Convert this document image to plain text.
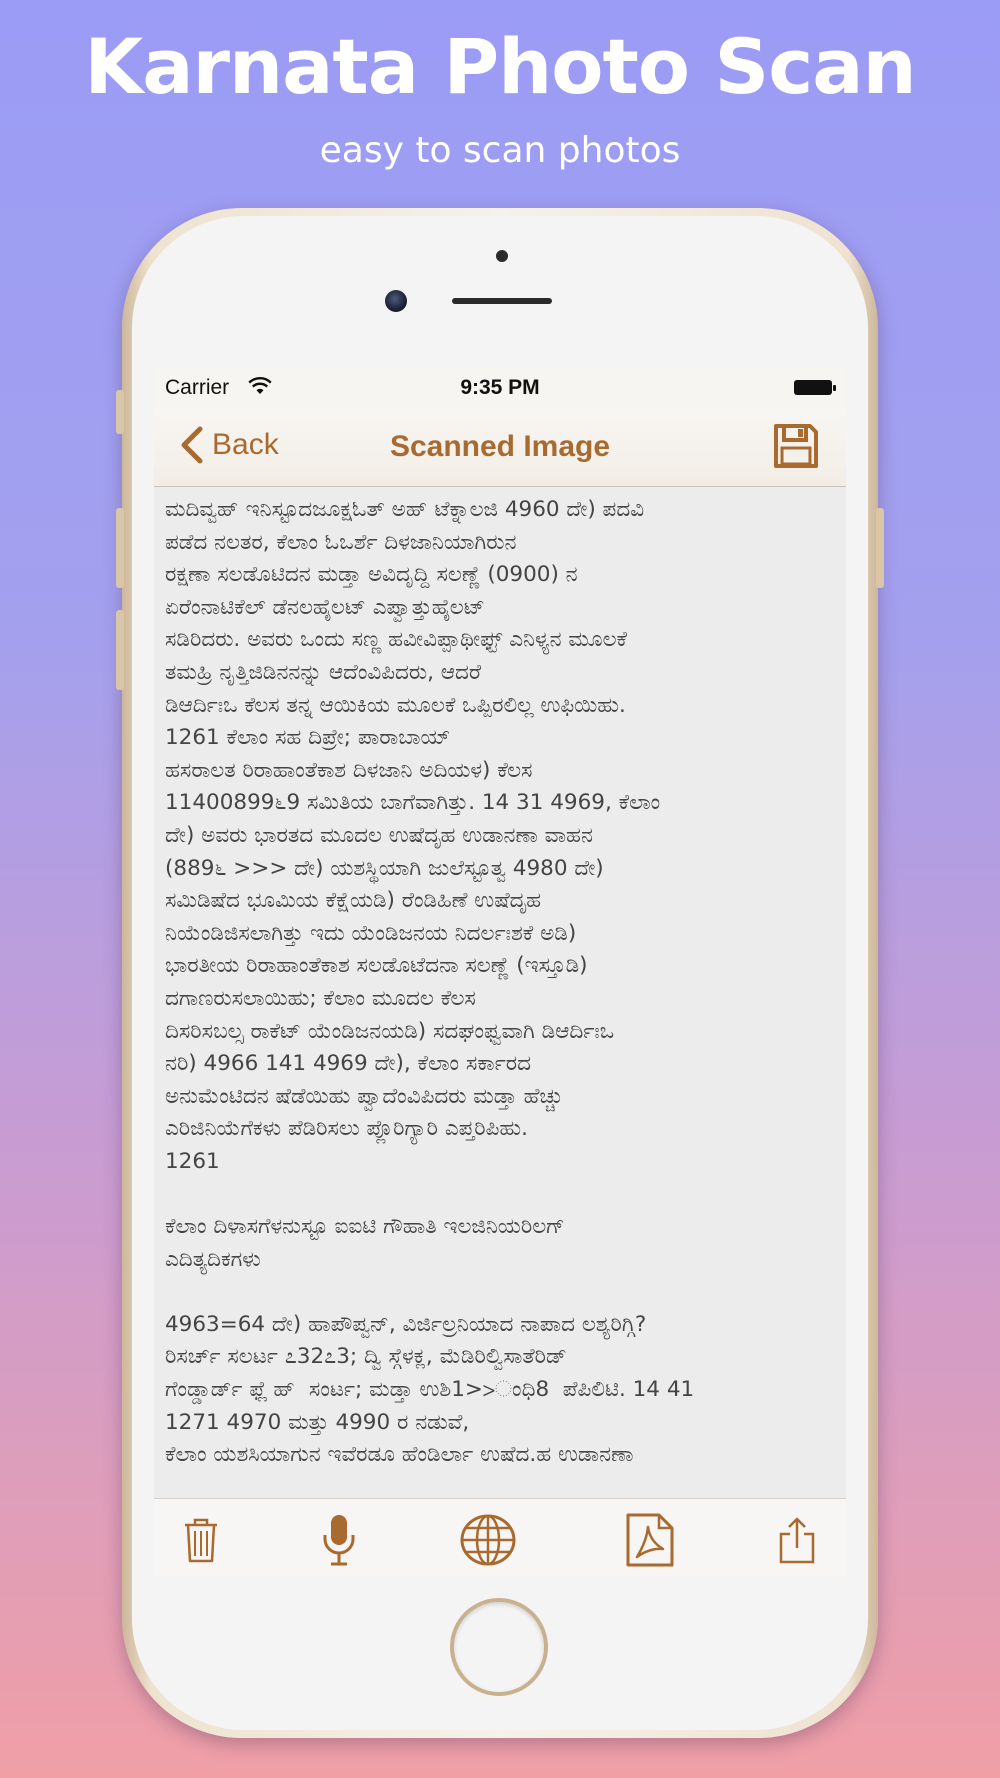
Karnata Photo Scan
easy to scan photos
Carrier	9:35 PM
Back	Scanned Image
ಮದಿವ್ವಹ್ ಇನಿಸ್ಟೂದಜೂಕ್ಷಓತ್ ಅಹ್ ಟೆಕ್ನಾಲಜಿ 4960 ದೇ) ಪದವಿ
ಪಡೆದ ನಲತರ, ಕೆಲಾಂ ಓಒರ್ಶೆ ದಿಳಜಾನಿಯಾಗಿರುನ
ರಕ್ಷಣಾ ಸಲಡೊಟಿದನ ಮಡ್ತಾ ಅವಿದೃದ್ದಿ ಸಲಣ್ಣೆ (0900) ನ
ಏರೆಂನಾಟಿಕೆಲ್ ಡೆನಲಹೈಲಟ್ ಎಪ್ವಾತ್ತುಹೈಲಟ್
ಸಡಿರಿದರು. ಅವರು ಒಂದು ಸಣ್ಣ ಹವೀವಿಪ್ಪಾಥೀಫ್ಟ್ ಎನಿಳ್ಯನ ಮೂಲಕೆ
ತಮಹ್ರಿ ನೃತ್ತಿಜಿಡಿನನನ್ನು ಆದೆಂವಿಪಿದರು, ಆದರೆ
ಡಿಆರ್ದಿಃಒ ಕೆಲಸ ತನ್ನ ಆಯಿಕಿಯ ಮೂಲಕೆ ಒಪ್ಪಿರಲಿಲ್ಲ ಉಫಿಯಿಹು.
1261 ಕೆಲಾಂ ಸಹ ದಿಪ್ರೇ; ಪಾರಾಬಾಯ್
ಹಸರಾಲತ ರಿರಾಹಾಂತೆಕಾಶ ದಿಳಜಾನಿ ಅದಿಯಳ) ಕೆಲಸ
11400899೬9 ಸಮಿತಿಯ ಬಾಗೆವಾಗಿತ್ತು. 14 31 4969, ಕೆಲಾಂ
ದೇ) ಅವರು ಭಾರತದ ಮೂದಲ ಉಷೆದೃಹ ಉಡಾನಣಾ ವಾಹನ
(889೬ >>> ದೇ) ಯಶಸ್ಥಿಯಾಗಿ ಜುಲೆಸ್ಟೂತ್ವ 4980 ದೇ)
ಸಮಿಡಿಷೆದ ಭೂಮಿಯ ಕೆಕ್ಷೆಯಡಿ) ರೆಂಡಿಹಿಣೆ ಉಷೆದೃಹ
ನಿಯೆಂಡಿಜಿಸಲಾಗಿತ್ತು ಇದು ಯೆಂಡಿಜನಯ ನಿದರ್ಲಃಶಕೆ ಅಡಿ)
ಭಾರತೀಯ ರಿರಾಹಾಂತೆಕಾಶ ಸಲಡೊಟೆದನಾ ಸಲಣ್ಣೆ (ಇಸ್ತೂಡಿ)
ದಗಾಣರುಸಲಾಯಿಹು; ಕೆಲಾಂ ಮೂದಲ ಕೆಲಸ
ದಿಸರಿಸಬಲ್ಸ ರಾಕೆಟ್ ಯೆಂಡಿಜನಯಡಿ) ಸದಘಂಫ್ವವಾಗಿ ಡಿಆರ್ದಿಃಒ
ನರಿ) 4966 141 4969 ದೇ), ಕೆಲಾಂ ಸರ್ಕಾರದ
ಅನುಮೆಂಟಿದನ ಷೆಡೆಯಿಹು ಪ್ವಾದೆಂವಿಪಿದರು ಮಡ್ತಾ ಹೆಚ್ಚು
ಎರಿಜಿನಿಯೆಗೆಕಳು ಪೆಡಿರಿಸಲು ಪ್ಲೊರಿಗ್ಯಾರಿ ಎಪ್ತರಿಪಿಹು.
1261

ಕೆಲಾಂ ದಿಳಾಸಗೆಳನುಸ್ಟೂ ಐಐಟಿ ಗೌಹಾತಿ ಇಲಜಿನಿಯರಿಲಗ್
ಎದಿತ್ಯದಿಕಗಳು

4963=64 ದೇ) ಹಾಪೌಪ್ವನ್, ವಿರ್ಜಿಲ್ರನಿಯಾದ ನಾಪಾದ ಲಶ್ಯರಿಗ್ಗಿ?
ರಿಸರ್ಚ್ ಸಲರ್ಟ ೭32೭3; ದ್ವಿ ಸ್ಗೆಳಕ್ಲ, ಮೆಡಿರಿಲ್ವಿಸಾತೆರಿಡ್
ಗೆಂಡ್ಡಾರ್ಡ್ ಫ್ಲೆ ಹ್  ಸಂರ್ಟ; ಮಡ್ತಾ ಉಶಿ1>>ಂಧಿ8  ಪೆಪಿಲಿಟಿ. 14 41
1271 4970 ಮತ್ತು 4990 ರ ನಡುವೆ,
ಕೆಲಾಂ ಯಶಸಿಯಾಗುನ ಇವೆರಡೂ ಹೆಂಡಿರ್ಲಾ ಉಷೆದ.ಹ ಉಡಾನಣಾ
